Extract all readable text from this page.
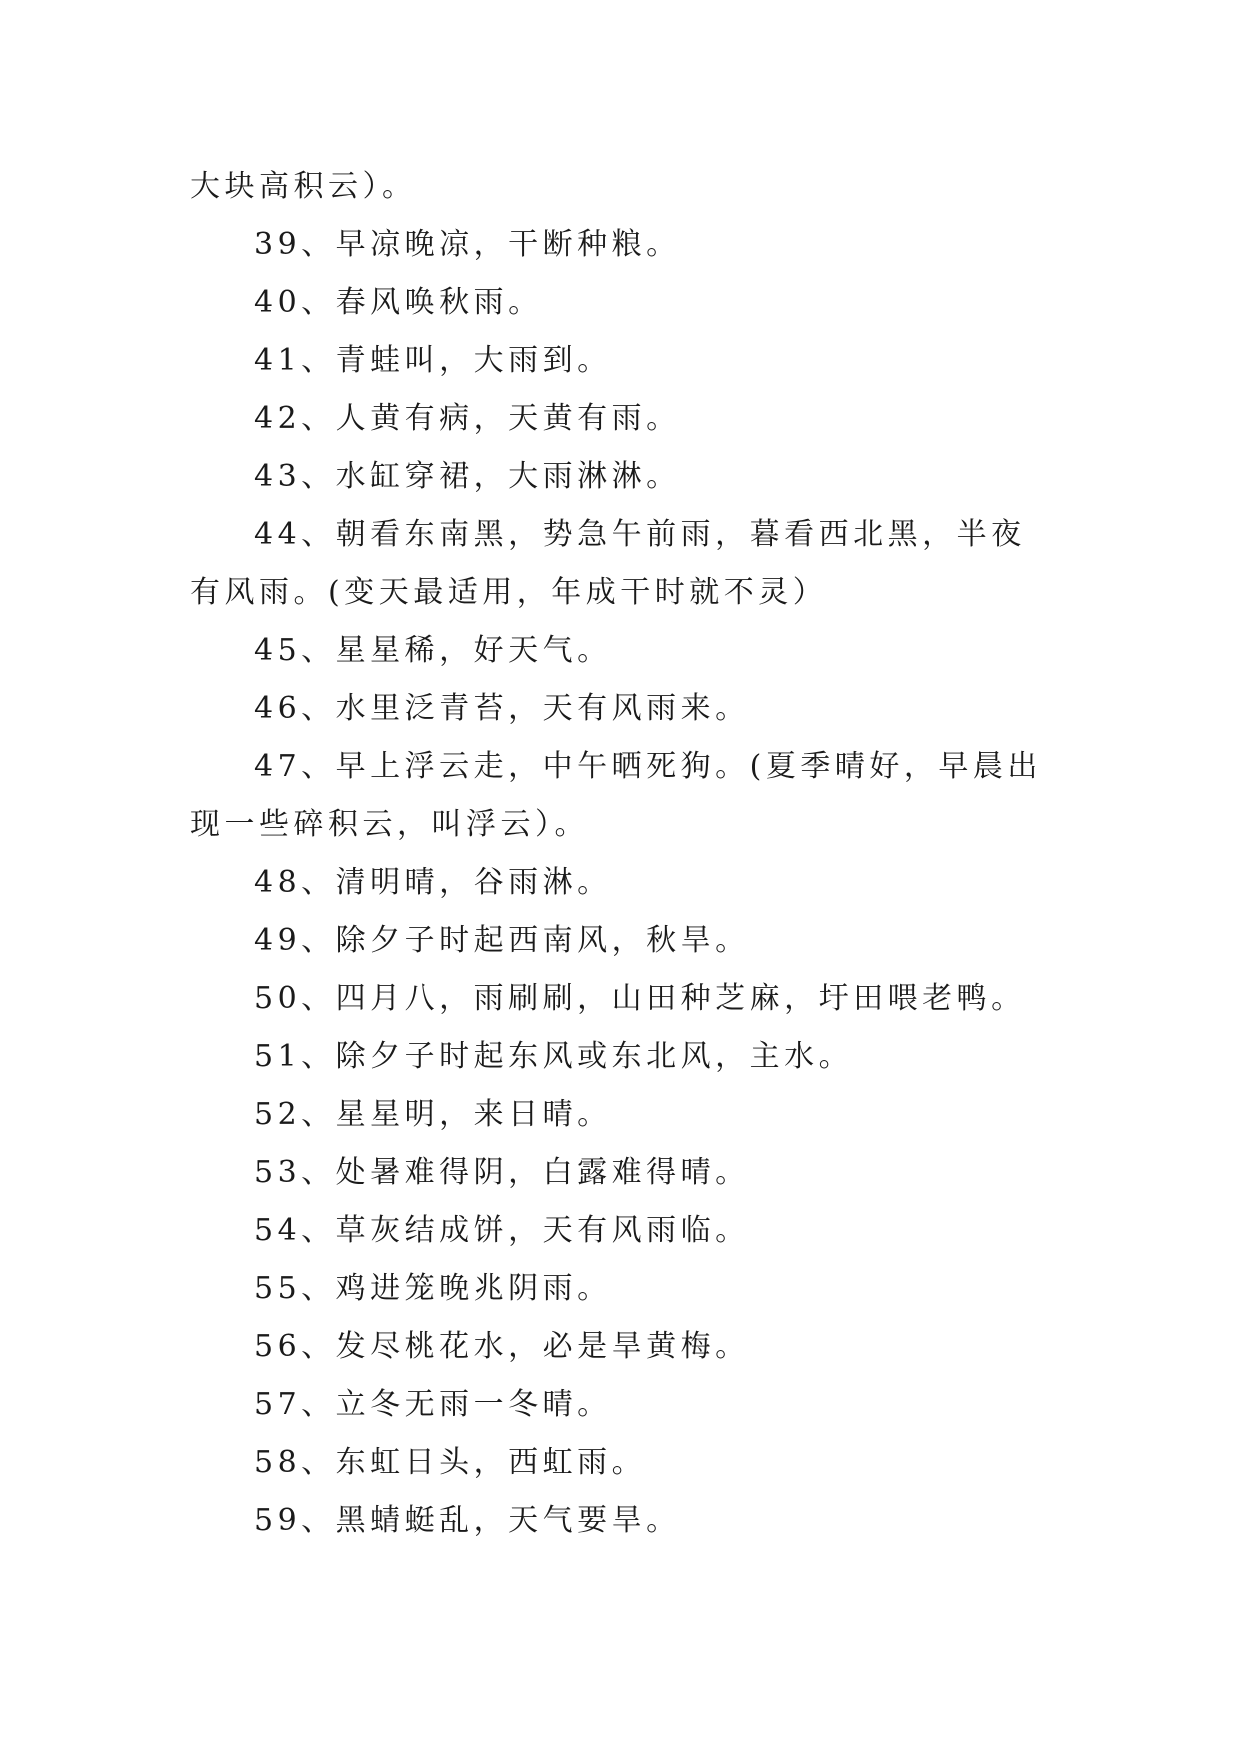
大块高积云）。

39、早凉晚凉，干断种粮。

40、春风唤秋雨。

41、青蛙叫，大雨到。

42、人黄有病，天黄有雨。

43、水缸穿裙，大雨淋淋。

44、朝看东南黑，势急午前雨，暮看西北黑，半夜有风雨。(变天最适用，年成干时就不灵）

45、星星稀，好天气。

46、水里泛青苔，天有风雨来。

47、早上浮云走，中午晒死狗。(夏季晴好，早晨出现一些碎积云，叫浮云）。

48、清明晴，谷雨淋。

49、除夕子时起西南风，秋旱。

50、四月八，雨刷刷，山田种芝麻，圩田喂老鸭。

51、除夕子时起东风或东北风，主水。

52、星星明，来日晴。

53、处暑难得阴，白露难得晴。

54、草灰结成饼，天有风雨临。

55、鸡进笼晚兆阴雨。

56、发尽桃花水，必是旱黄梅。

57、立冬无雨一冬晴。

58、东虹日头，西虹雨。

59、黑蜻蜓乱，天气要旱。
